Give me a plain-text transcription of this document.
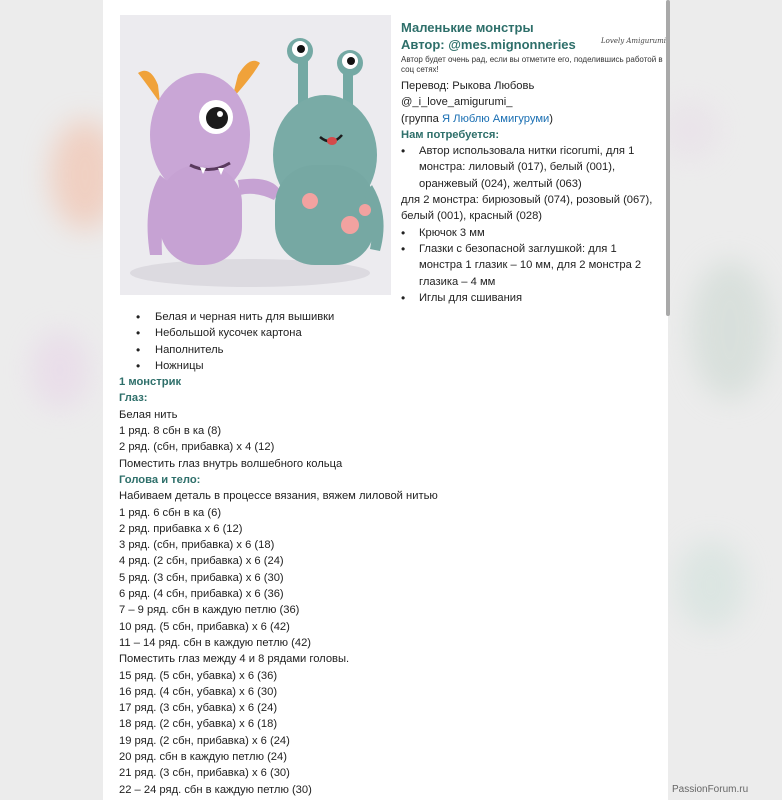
Маленькие монстры
Автор: @mes.mignonneries
Автор будет очень рад, если вы отметите его, поделившись работой в соц сетях!
Перевод: Рыкова Любовь
@_i_love_amigurumi_
(группа Я Люблю Амигуруми)
Нам потребуется:
• Автор использовала нитки ricorumi, для 1 монстра: лиловый (017), белый (001), оранжевый (024), желтый (063)
для 2 монстра: бирюзовый (074), розовый (067), белый (001), красный (028)
• Крючок 3 мм
• Глазки с безопасной заглушкой: для 1 монстра 1 глазик – 10 мм, для 2 монстра 2 глазика – 4 мм
• Иглы для сшивания
Lovely Amigurumi
• Белая и черная нить для вышивки
• Небольшой кусочек картона
• Наполнитель
• Ножницы
1 монстрик
Глаз:
Белая нить
1 ряд. 8 сбн в ка (8)
2 ряд. (сбн, прибавка) х 4 (12)
Поместить глаз внутрь волшебного кольца
Голова и тело:
Набиваем деталь в процессе вязания, вяжем лиловой нитью
1 ряд. 6 сбн в ка (6)
2 ряд. прибавка х 6 (12)
3 ряд. (сбн, прибавка) х 6 (18)
4 ряд. (2 сбн, прибавка) х 6 (24)
5 ряд. (3 сбн, прибавка) х 6 (30)
6 ряд. (4 сбн, прибавка) х 6 (36)
7 – 9 ряд. сбн в каждую петлю (36)
10 ряд. (5 сбн, прибавка) х 6 (42)
11 – 14 ряд. сбн в каждую петлю (42)
Поместить глаз между 4 и 8 рядами головы.
15 ряд. (5 сбн, убавка) х 6 (36)
16 ряд. (4 сбн, убавка) х 6 (30)
17 ряд. (3 сбн, убавка) х 6 (24)
18 ряд. (2 сбн, убавка) х 6 (18)
19 ряд. (2 сбн, прибавка) х 6 (24)
20 ряд. сбн в каждую петлю (24)
21 ряд. (3 сбн, прибавка) х 6 (30)
22 – 24 ряд. сбн в каждую петлю (30)	PassionForum.ru
